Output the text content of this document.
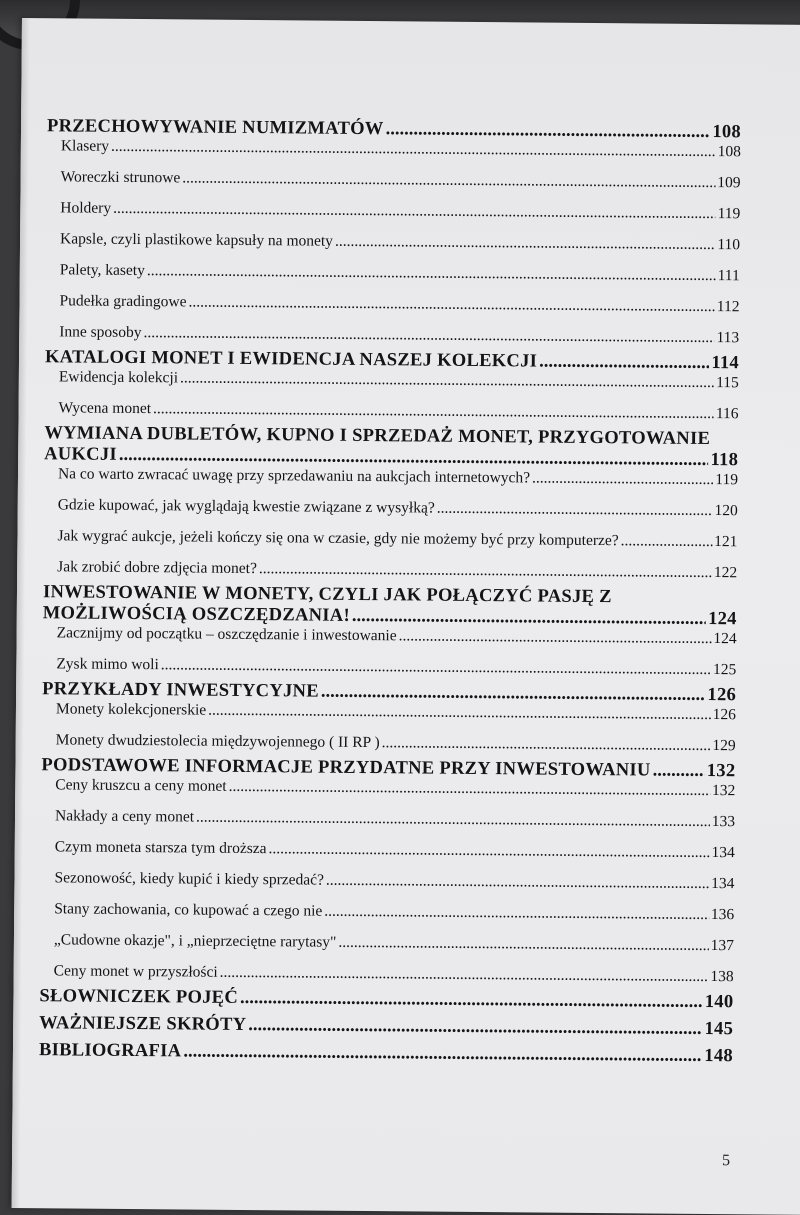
PRZECHOWYWANIE NUMIZMATÓW .....	108
Klasery .....	108
Woreczki strunowe .....	109
Holdery .....	119
Kapsle, czyli plastikowe kapsuły na monety .....	110
Palety, kasety .....	111
Pudełka gradingowe .....	112
Inne sposoby .....	113
KATALOGI MONET I EWIDENCJA NASZEJ KOLEKCJI .....	114
Ewidencja kolekcji .....	115
Wycena monet .....	116
WYMIANA DUBLETÓW, KUPNO I SPRZEDAŻ MONET, PRZYGOTOWANIE
AUKCJI .....	118
Na co warto zwracać uwagę przy sprzedawaniu na aukcjach internetowych? .....	119
Gdzie kupować, jak wyglądają kwestie związane z wysyłką? .....	120
Jak wygrać aukcje, jeżeli kończy się ona w czasie, gdy nie możemy być przy komputerze? .....	121
Jak zrobić dobre zdjęcia monet? .....	122
INWESTOWANIE W MONETY, CZYLI JAK POŁĄCZYĆ PASJĘ Z
MOŻLIWOŚCIĄ OSZCZĘDZANIA! .....	124
Zacznijmy od początku – oszczędzanie i inwestowanie .....	124
Zysk mimo woli .....	125
PRZYKŁADY INWESTYCYJNE .....	126
Monety kolekcjonerskie .....	126
Monety dwudziestolecia międzywojennego ( II RP ) .....	129
PODSTAWOWE INFORMACJE PRZYDATNE PRZY INWESTOWANIU .....	132
Ceny kruszcu a ceny monet .....	132
Nakłady a ceny monet .....	133
Czym moneta starsza tym droższa .....	134
Sezonowość, kiedy kupić i kiedy sprzedać? .....	134
Stany zachowania, co kupować a czego nie .....	136
„Cudowne okazje", i „nieprzeciętne rarytasy" .....	137
Ceny monet w przyszłości .....	138
SŁOWNICZEK POJĘĆ .....	140
WAŻNIEJSZE SKRÓTY .....	145
BIBLIOGRAFIA .....	148
5
